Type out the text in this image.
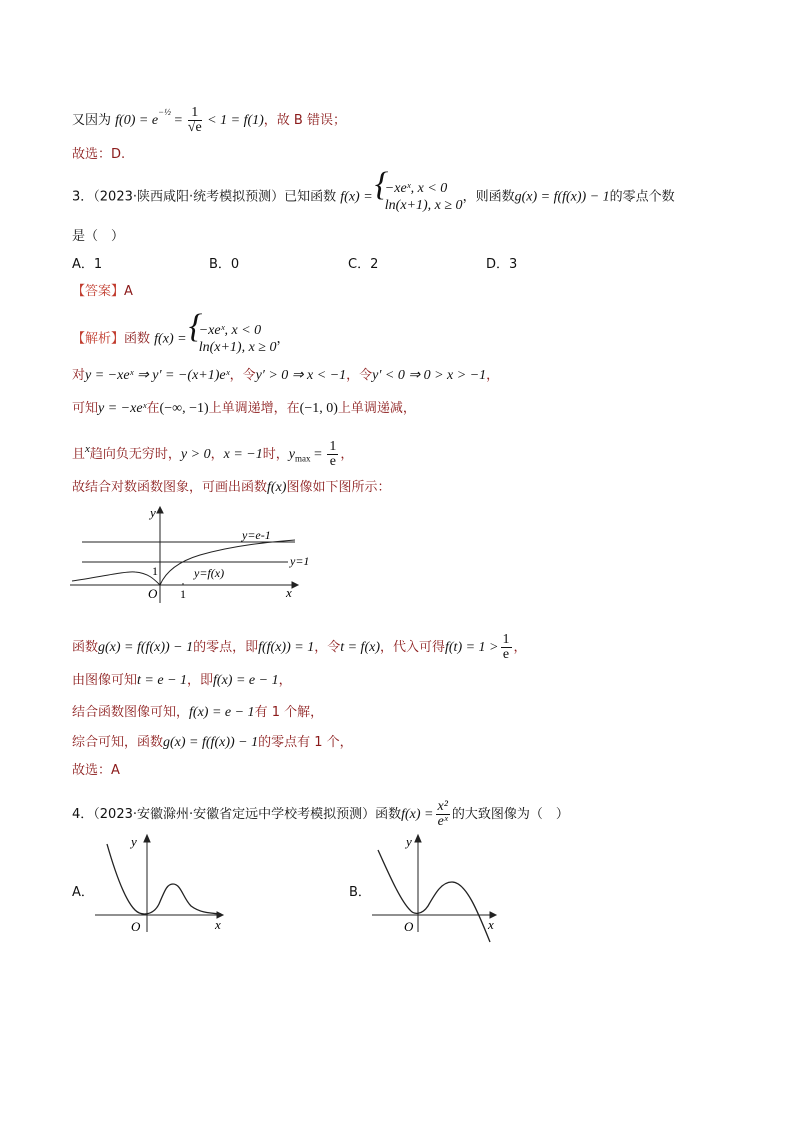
又因为 $f(0) = e^{-\frac{1}{2}} = \frac{1}{√e} < 1 = f(1)$，故 B 错误；
故选：D.
3．（2023·陕西咸阳·统考模拟预测）已知函数 f(x) =
{ −xeˣ, x < 0
ln(x+1), x ≥ 0
，则函数g(x) = f(f(x)) − 1的零点个数
是（　）
A．1	B．0	C．2	D．3
【答案】A
【解析】函数 f(x) =
{ −xeˣ, x < 0
ln(x+1), x ≥ 0
，
对y = −xeˣ ⇒ y′ = −(x+1)eˣ，令y′ > 0 ⇒ x < −1，令y′ < 0 ⇒ 0 > x > −1，
可知y = −xeˣ在(−∞, −1)上单调递增，在(−1, 0)上单调递减，
且$^x$趋向负无穷时，y > 0，x = −1时，$y_{max} = \frac{1}{e}$ ，
故结合对数函数图象，可画出函数f(x)图像如下图所示：
y
x
O
1
1
y=e-1
y=1
y=f(x)
函数g(x) = f(f(x)) − 1的零点，即f(f(x)) = 1，令t = f(x)，代入可得$f(t) = 1 > \frac{1}{e}$ ，
由图像可知t = e − 1，即f(x) = e − 1，
结合函数图像可知，f(x) = e − 1有 1 个解，
综合可知，函数g(x) = f(f(x)) − 1的零点有 1 个，
故选：A
4．（2023·安徽滁州·安徽省定远中学校考模拟预测）函数$f(x) = \frac{\text{x²}}{\text{eˣ}}$ 的大致图像为（　）
A．	B．
y
x
O
y
x
O
